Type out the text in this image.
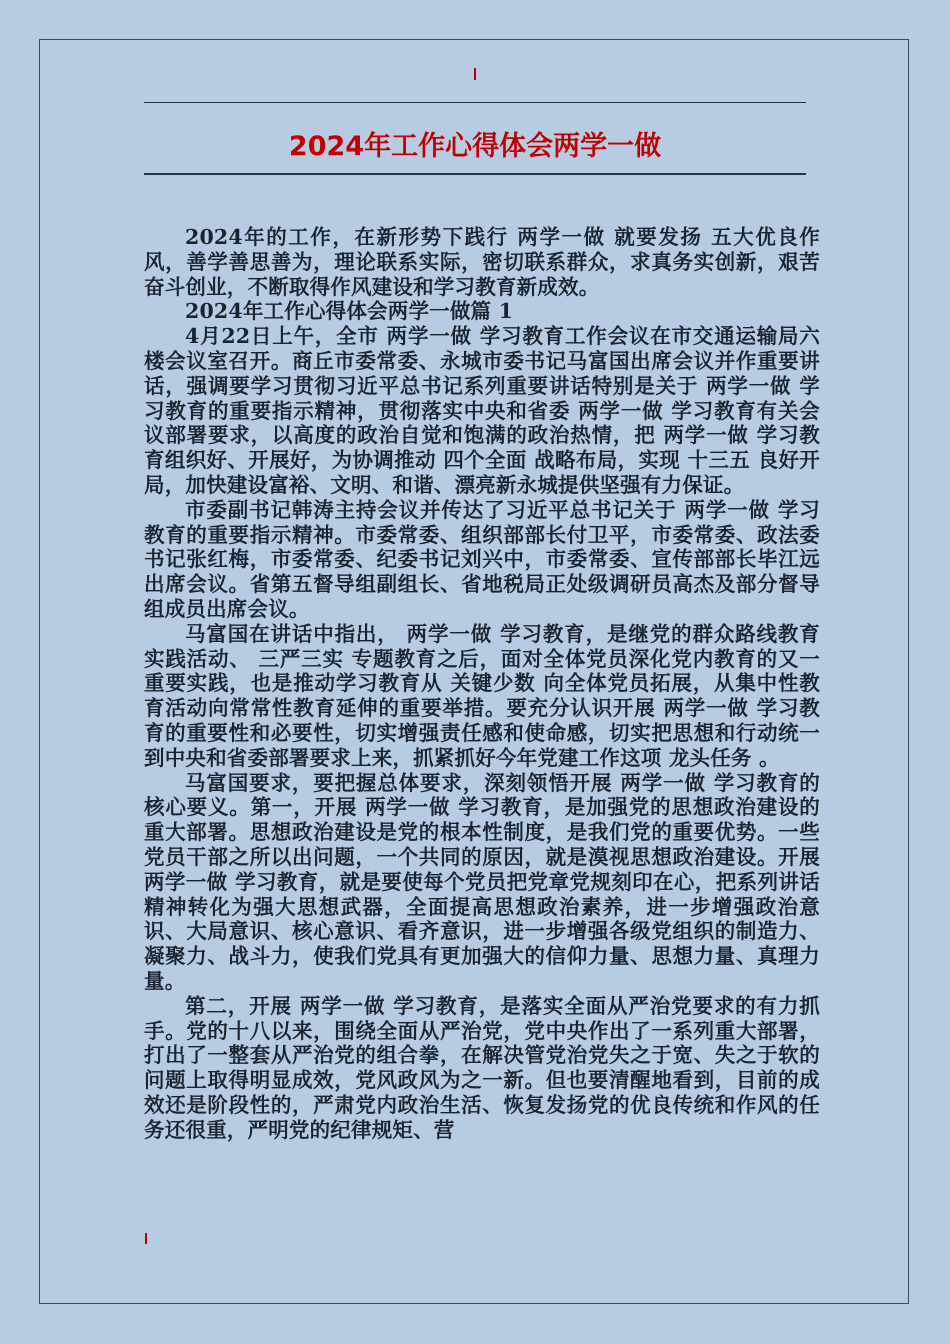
2024年工作心得体会两学一做

2024年的工作，在新形势下践行 两学一做 就要发扬 五大优良作风，善学善思善为，理论联系实际，密切联系群众，求真务实创新，艰苦奋斗创业，不断取得作风建设和学习教育新成效。

2024年工作心得体会两学一做篇 1

4月22日上午，全市 两学一做 学习教育工作会议在市交通运输局六楼会议室召开。商丘市委常委、永城市委书记马富国出席会议并作重要讲话，强调要学习贯彻习近平总书记系列重要讲话特别是关于 两学一做 学习教育的重要指示精神，贯彻落实中央和省委 两学一做 学习教育有关会议部署要求，以高度的政治自觉和饱满的政治热情，把 两学一做 学习教育组织好、开展好，为协调推动 四个全面 战略布局，实现 十三五 良好开局，加快建设富裕、文明、和谐、漂亮新永城提供坚强有力保证。

市委副书记韩涛主持会议并传达了习近平总书记关于 两学一做 学习教育的重要指示精神。市委常委、组织部部长付卫平，市委常委、政法委书记张红梅，市委常委、纪委书记刘兴中，市委常委、宣传部部长毕江远出席会议。省第五督导组副组长、省地税局正处级调研员高杰及部分督导组成员出席会议。

马富国在讲话中指出， 两学一做 学习教育，是继党的群众路线教育实践活动、 三严三实 专题教育之后，面对全体党员深化党内教育的又一重要实践，也是推动学习教育从 关键少数 向全体党员拓展，从集中性教育活动向常常性教育延伸的重要举措。要充分认识开展 两学一做 学习教育的重要性和必要性，切实增强责任感和使命感，切实把思想和行动统一到中央和省委部署要求上来，抓紧抓好今年党建工作这项 龙头任务 。

马富国要求，要把握总体要求，深刻领悟开展 两学一做 学习教育的核心要义。第一，开展 两学一做 学习教育，是加强党的思想政治建设的重大部署。思想政治建设是党的根本性制度，是我们党的重要优势。一些党员干部之所以出问题，一个共同的原因，就是漠视思想政治建设。开展 两学一做 学习教育，就是要使每个党员把党章党规刻印在心，把系列讲话精神转化为强大思想武器，全面提高思想政治素养，进一步增强政治意识、大局意识、核心意识、看齐意识，进一步增强各级党组织的制造力、凝聚力、战斗力，使我们党具有更加强大的信仰力量、思想力量、真理力量。

第二，开展 两学一做 学习教育，是落实全面从严治党要求的有力抓手。党的十八以来，围绕全面从严治党，党中央作出了一系列重大部署，打出了一整套从严治党的组合拳，在解决管党治党失之于宽、失之于软的问题上取得明显成效，党风政风为之一新。但也要清醒地看到，目前的成效还是阶段性的，严肃党内政治生活、恢复发扬党的优良传统和作风的任务还很重，严明党的纪律规矩、营
